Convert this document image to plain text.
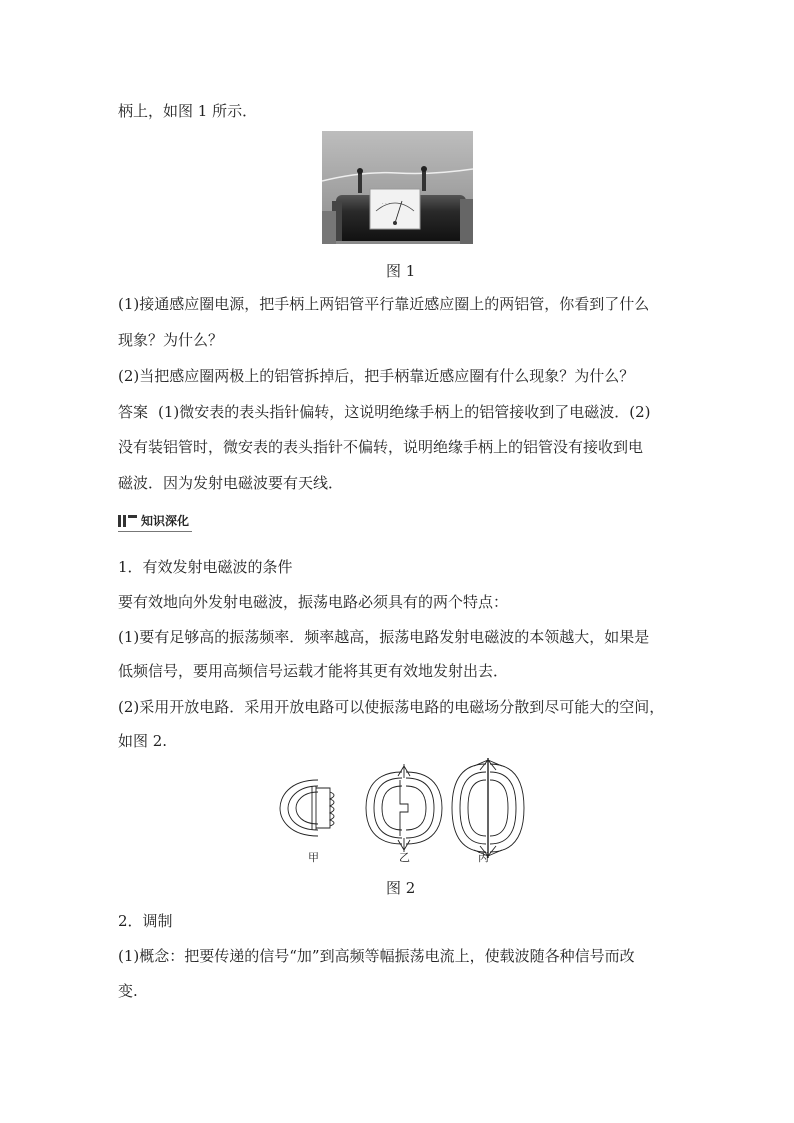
柄上，如图 1 所示．
· · ·
图 1
(1)接通感应圈电源，把手柄上两铝管平行靠近感应圈上的两铝管，你看到了什么
现象？为什么？
(2)当把感应圈两极上的铝管拆掉后，把手柄靠近感应圈有什么现象？为什么？
答案 (1)微安表的表头指针偏转，这说明绝缘手柄上的铝管接收到了电磁波．(2)
没有装铝管时，微安表的表头指针不偏转，说明绝缘手柄上的铝管没有接收到电
磁波．因为发射电磁波要有天线．
知识深化
1．有效发射电磁波的条件
要有效地向外发射电磁波，振荡电路必须具有的两个特点：
(1)要有足够高的振荡频率．频率越高，振荡电路发射电磁波的本领越大，如果是
低频信号，要用高频信号运载才能将其更有效地发射出去．
(2)采用开放电路．采用开放电路可以使振荡电路的电磁场分散到尽可能大的空间，
如图 2.
甲	乙	丙
图 2
2．调制
(1)概念：把要传递的信号“加”到高频等幅振荡电流上，使载波随各种信号而改
变.
